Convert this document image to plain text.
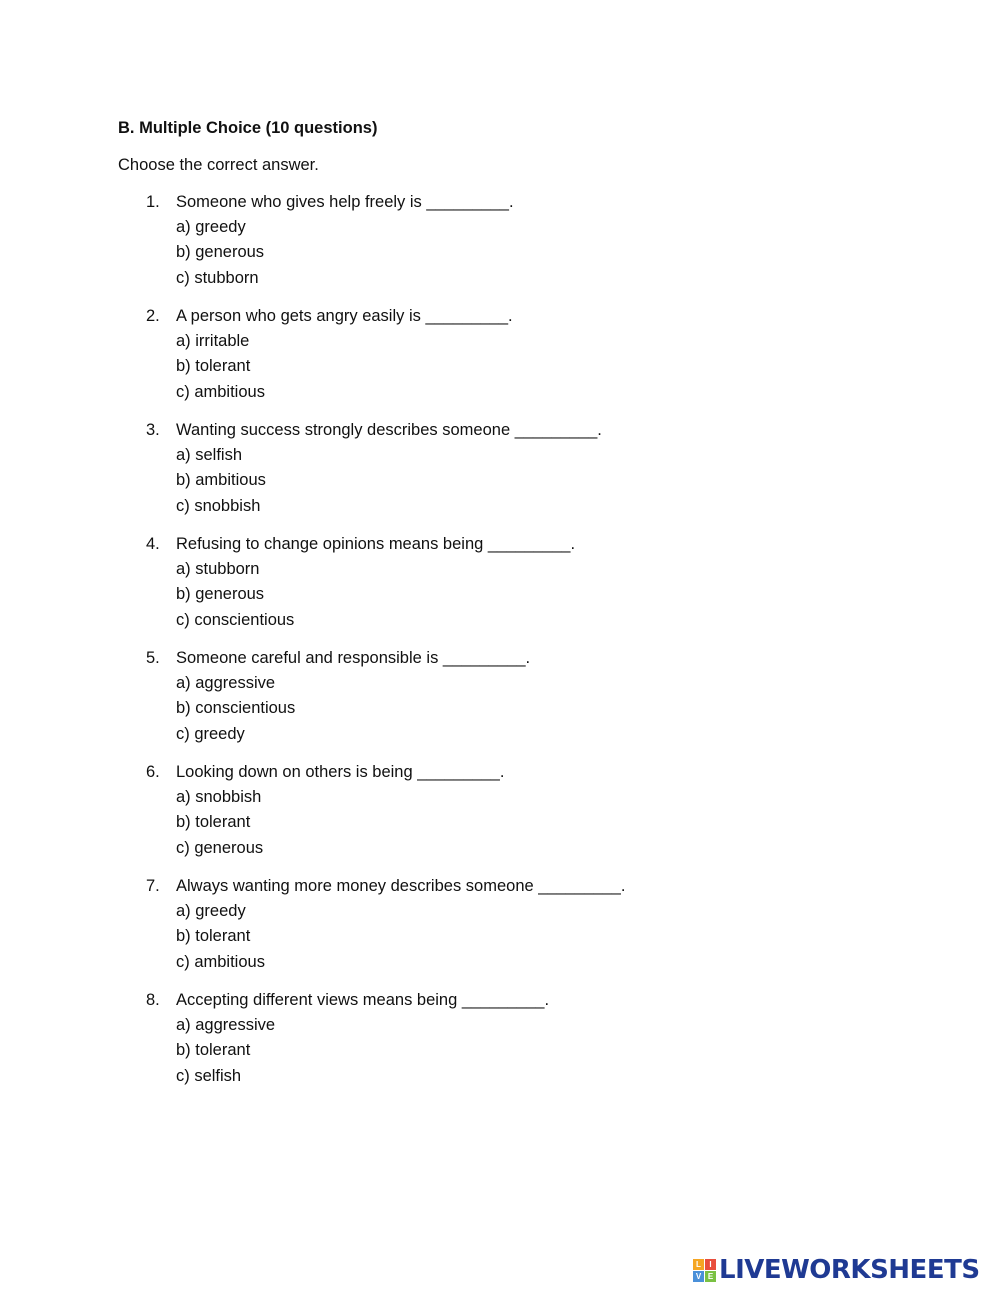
B. Multiple Choice (10 questions)
Choose the correct answer.
1. Someone who gives help freely is _________.
a) greedy
b) generous
c) stubborn
2. A person who gets angry easily is _________.
a) irritable
b) tolerant
c) ambitious
3. Wanting success strongly describes someone _________.
a) selfish
b) ambitious
c) snobbish
4. Refusing to change opinions means being _________.
a) stubborn
b) generous
c) conscientious
5. Someone careful and responsible is _________.
a) aggressive
b) conscientious
c) greedy
6. Looking down on others is being _________.
a) snobbish
b) tolerant
c) generous
7. Always wanting more money describes someone _________.
a) greedy
b) tolerant
c) ambitious
8. Accepting different views means being _________.
a) aggressive
b) tolerant
c) selfish
L	I
V E LIVEWORKSHEETS
